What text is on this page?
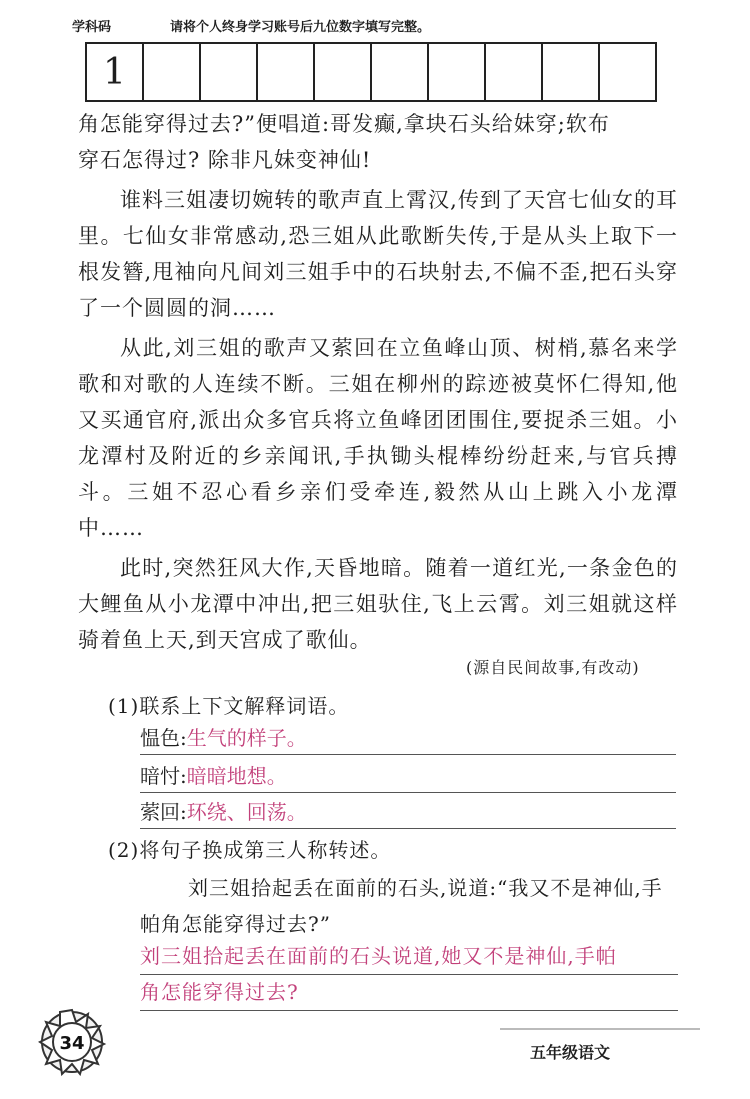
学科码	请将个人终身学习账号后九位数字填写完整。
1

角怎能穿得过去?”便唱道:哥发癫,拿块石头给妹穿;软布

穿石怎得过? 除非凡妹变神仙!

谁料三姐凄切婉转的歌声直上霄汉,传到了天宫七仙女的耳里。七仙女非常感动,恐三姐从此歌断失传,于是从头上取下一根发簪,甩袖向凡间刘三姐手中的石块射去,不偏不歪,把石头穿了一个圆圆的洞……

从此,刘三姐的歌声又萦回在立鱼峰山顶、树梢,慕名来学歌和对歌的人连续不断。三姐在柳州的踪迹被莫怀仁得知,他又买通官府,派出众多官兵将立鱼峰团团围住,要捉杀三姐。小龙潭村及附近的乡亲闻讯,手执锄头棍棒纷纷赶来,与官兵搏斗。三姐不忍心看乡亲们受牵连,毅然从山上跳入小龙潭中……

此时,突然狂风大作,天昏地暗。随着一道红光,一条金色的大鲤鱼从小龙潭中冲出,把三姐驮住,飞上云霄。刘三姐就这样骑着鱼上天,到天宫成了歌仙。

(源自民间故事,有改动)
(1)联系上下文解释词语。
愠色:生气的样子。
暗忖:暗暗地想。
萦回:环绕、回荡。
(2)将句子换成第三人称转述。
刘三姐拾起丢在面前的石头,说道:“我又不是神仙,手帕角怎能穿得过去?”
刘三姐拾起丢在面前的石头说道,她又不是神仙,手帕
角怎能穿得过去?
34	五年级语文
